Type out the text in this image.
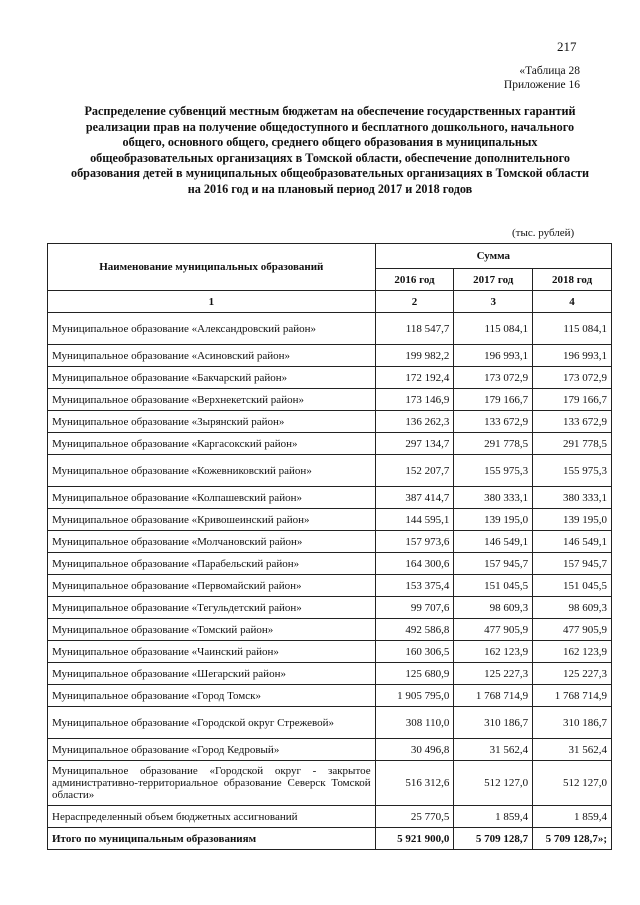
217
«Таблица 28
Приложение 16
Распределение субвенций местным бюджетам на обеспечение государственных гарантий реализации прав на получение общедоступного и бесплатного дошкольного, начального общего, основного общего, среднего общего образования в муниципальных общеобразовательных организациях в Томской области, обеспечение дополнительного образования детей в муниципальных общеобразовательных организациях в Томской области на 2016 год и на плановый период 2017 и 2018 годов
(тыс. рублей)
Наименование муниципальных образований	Сумма		
	2016 год	2017 год	2018 год
1	2	3	4
Муниципальное образование «Александровский район»	118 547,7	115 084,1	115 084,1
Муниципальное образование «Асиновский район»	199 982,2	196 993,1	196 993,1
Муниципальное образование «Бакчарский район»	172 192,4	173 072,9	173 072,9
Муниципальное образование «Верхнекетский район»	173 146,9	179 166,7	179 166,7
Муниципальное образование «Зырянский район»	136 262,3	133 672,9	133 672,9
Муниципальное образование «Каргасокский район»	297 134,7	291 778,5	291 778,5
Муниципальное образование «Кожевниковский район»	152 207,7	155 975,3	155 975,3
Муниципальное образование «Колпашевский район»	387 414,7	380 333,1	380 333,1
Муниципальное образование «Кривошеинский район»	144 595,1	139 195,0	139 195,0
Муниципальное образование «Молчановский район»	157 973,6	146 549,1	146 549,1
Муниципальное образование «Парабельский район»	164 300,6	157 945,7	157 945,7
Муниципальное образование «Первомайский район»	153 375,4	151 045,5	151 045,5
Муниципальное образование «Тегульдетский район»	99 707,6	98 609,3	98 609,3
Муниципальное образование «Томский район»	492 586,8	477 905,9	477 905,9
Муниципальное образование «Чаинский район»	160 306,5	162 123,9	162 123,9
Муниципальное образование «Шегарский район»	125 680,9	125 227,3	125 227,3
Муниципальное образование «Город Томск»	1 905 795,0	1 768 714,9	1 768 714,9
Муниципальное образование «Городской округ Стрежевой»	308 110,0	310 186,7	310 186,7
Муниципальное образование «Город Кедровый»	30 496,8	31 562,4	31 562,4
Муниципальное образование «Городской округ - закрытое административно-территориальное образование Северск Томской области»	516 312,6	512 127,0	512 127,0
Нераспределенный объем бюджетных ассигнований	25 770,5	1 859,4	1 859,4
Итого по муниципальным образованиям	5 921 900,0	5 709 128,7	5 709 128,7»;
